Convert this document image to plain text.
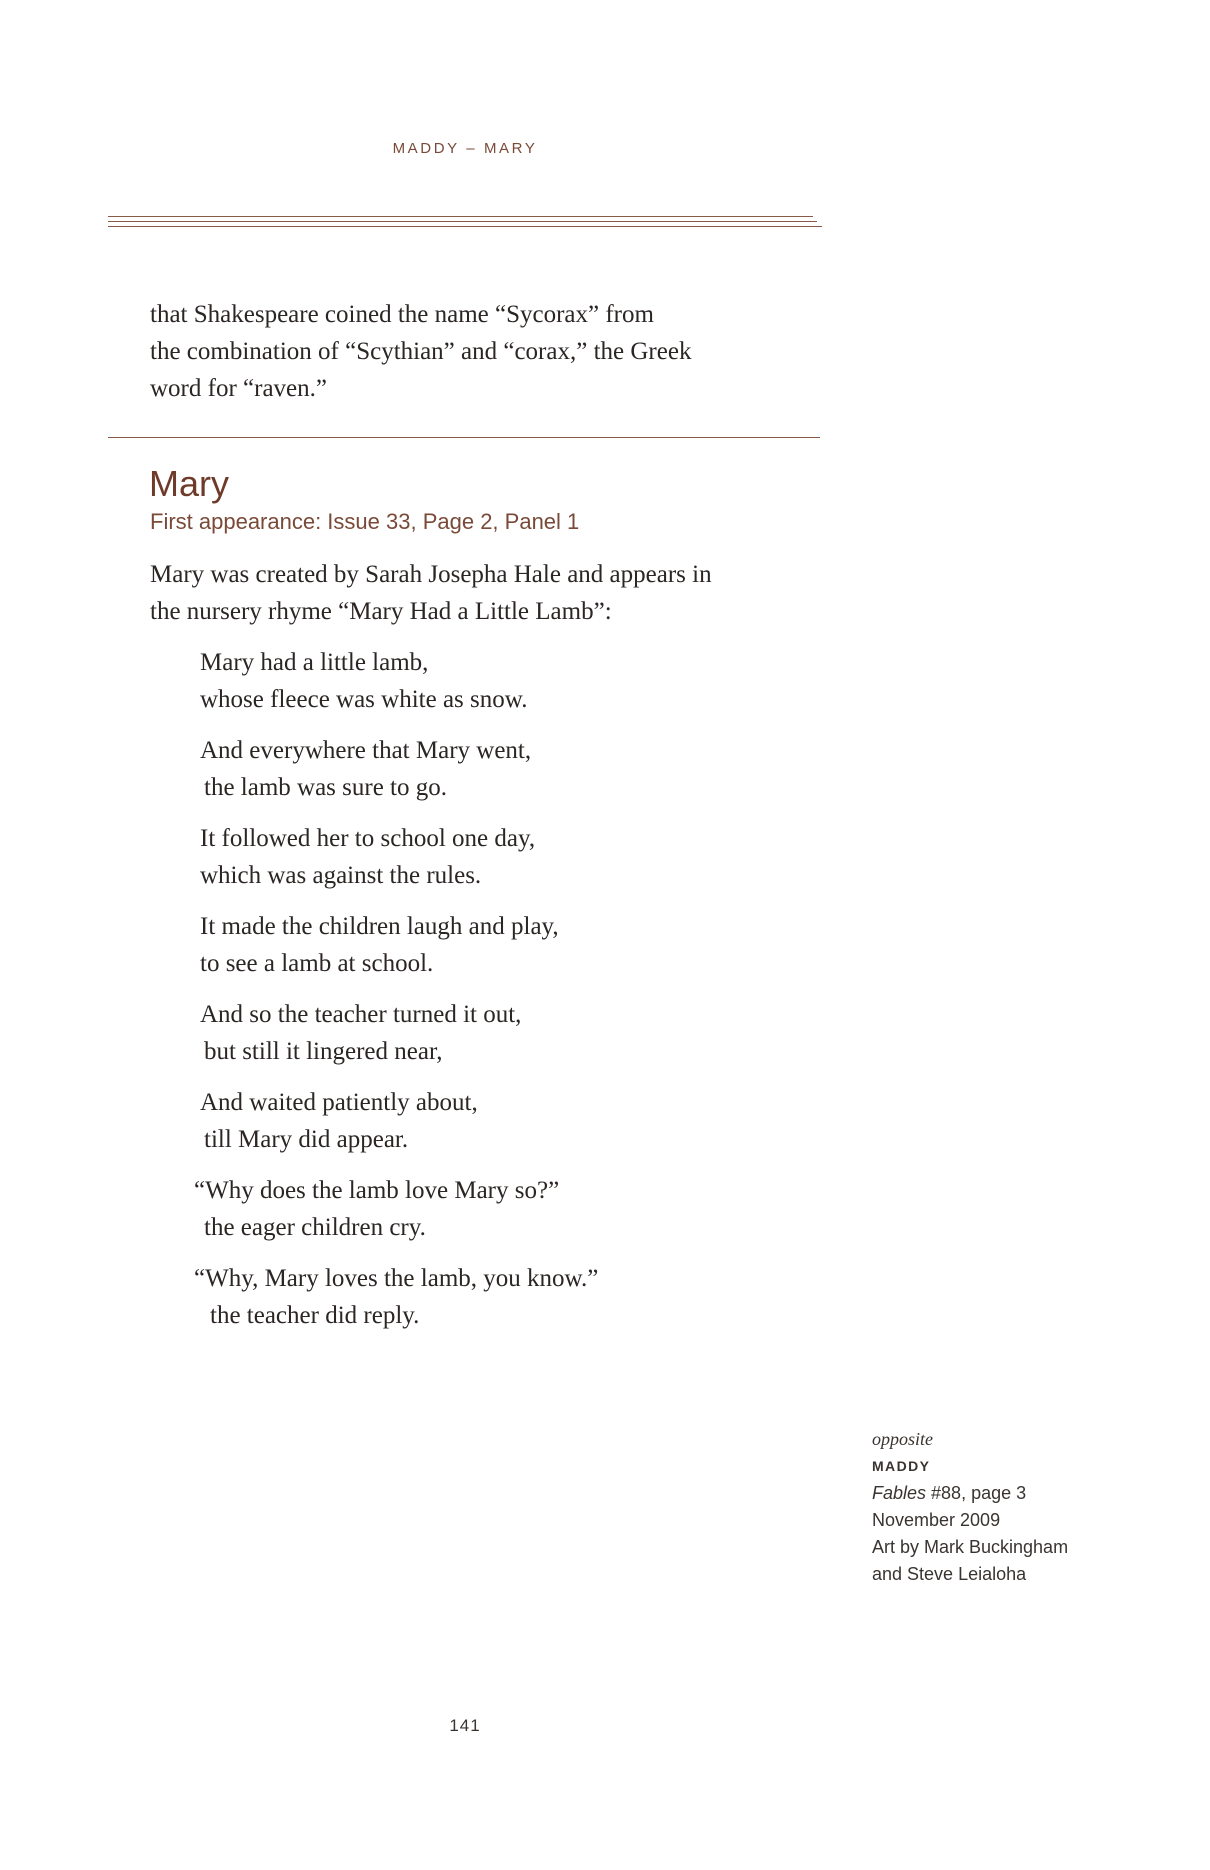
MADDY – MARY

that Shakespeare coined the name “Sycorax” from
the combination of “Scythian” and “corax,” the Greek
word for “raven.”

Mary
First appearance: Issue 33, Page 2, Panel 1

Mary was created by Sarah Josepha Hale and appears in
the nursery rhyme “Mary Had a Little Lamb”:

Mary had a little lamb,
whose fleece was white as snow.
And everywhere that Mary went,
the lamb was sure to go.
It followed her to school one day,
which was against the rules.
It made the children laugh and play,
to see a lamb at school.
And so the teacher turned it out,
but still it lingered near,
And waited patiently about,
till Mary did appear.
“Why does the lamb love Mary so?”
the eager children cry.
“Why, Mary loves the lamb, you know.”
the teacher did reply.
opposite
MADDY
Fables #88, page 3
November 2009
Art by Mark Buckingham
and Steve Leialoha
141
